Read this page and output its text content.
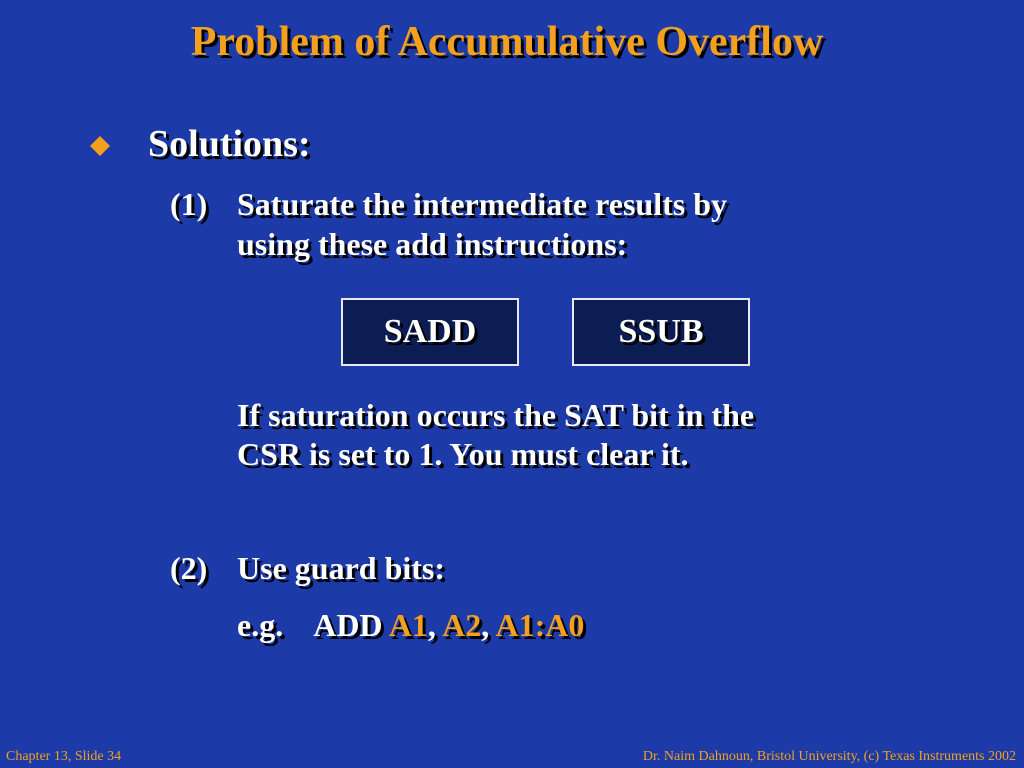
Problem of Accumulative Overflow
Solutions:
(1) Saturate the intermediate results by
using these add instructions:
SADD	SSUB
If saturation occurs the SAT bit in the
CSR is set to 1. You must clear it.
(2) Use guard bits:
e.g. ADD A1, A2, A1:A0
Chapter 13, Slide 34	Dr. Naim Dahnoun, Bristol University, (c) Texas Instruments 2002
